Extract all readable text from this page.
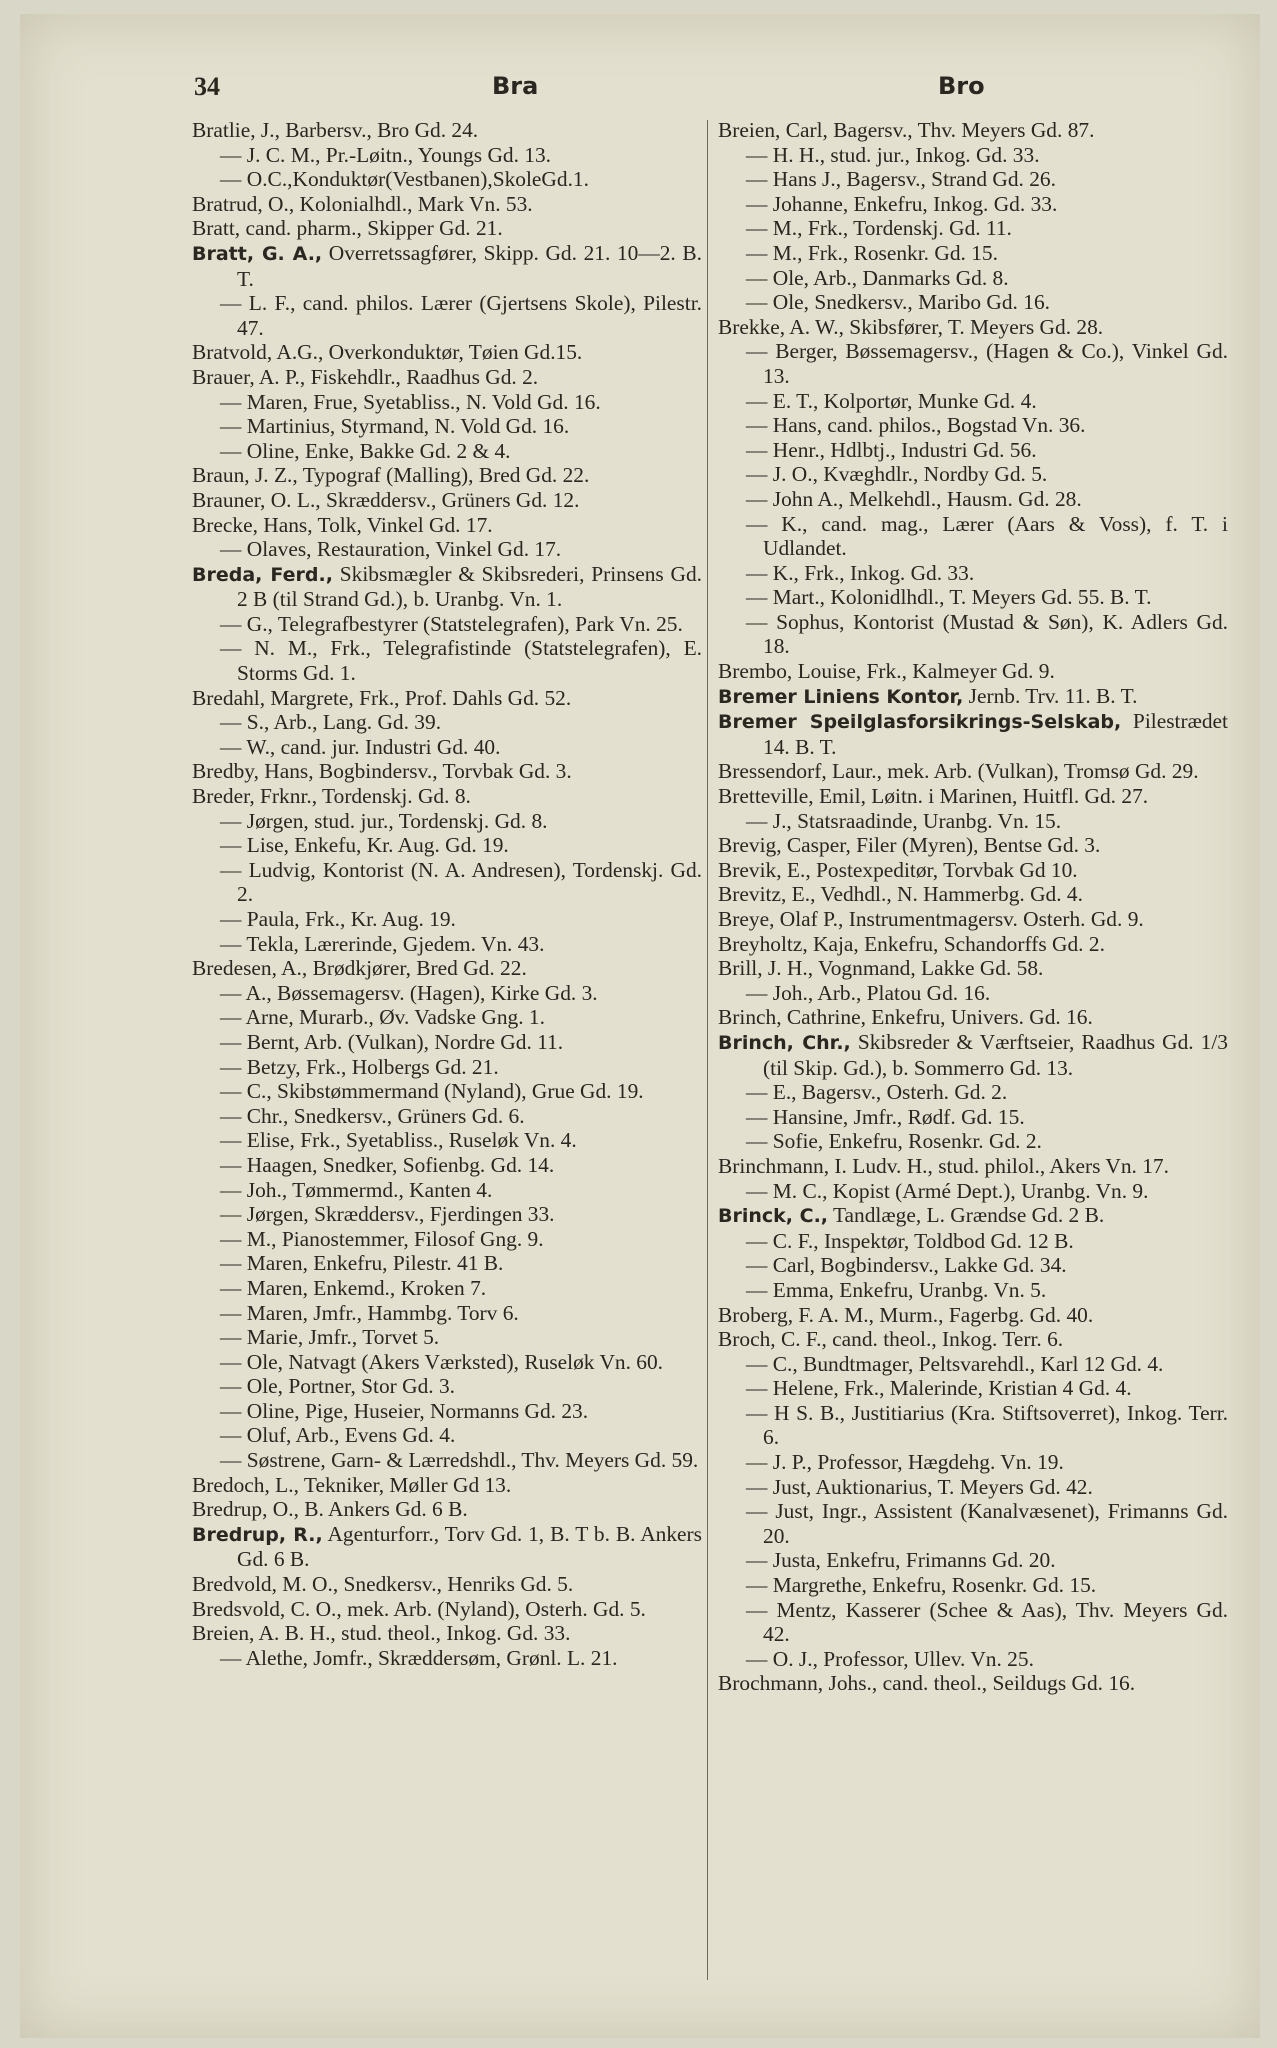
34	Bra	Bro
Bratlie, J., Barbersv., Bro Gd. 24.
— J. C. M., Pr.-Løitn., Youngs Gd. 13.
— O.C.,Konduktør(Vestbanen),SkoleGd.1.
Bratrud, O., Kolonialhdl., Mark Vn. 53.
Bratt, cand. pharm., Skipper Gd. 21.
Bratt, G. A., Overretssagfører, Skipp. Gd. 21. 10—2. B. T.
— L. F., cand. philos. Lærer (Gjertsens Skole), Pilestr. 47.
Bratvold, A.G., Overkonduktør, Tøien Gd.15.
Brauer, A. P., Fiskehdlr., Raadhus Gd. 2.
— Maren, Frue, Syetabliss., N. Vold Gd. 16.
— Martinius, Styrmand, N. Vold Gd. 16.
— Oline, Enke, Bakke Gd. 2 & 4.
Braun, J. Z., Typograf (Malling), Bred Gd. 22.
Brauner, O. L., Skræddersv., Grüners Gd. 12.
Brecke, Hans, Tolk, Vinkel Gd. 17.
— Olaves, Restauration, Vinkel Gd. 17.
Breda, Ferd., Skibsmægler & Skibsrederi, Prinsens Gd. 2 B (til Strand Gd.), b. Uranbg. Vn. 1.
— G., Telegrafbestyrer (Statstelegrafen), Park Vn. 25.
— N. M., Frk., Telegrafistinde (Statstelegrafen), E. Storms Gd. 1.
Bredahl, Margrete, Frk., Prof. Dahls Gd. 52.
— S., Arb., Lang. Gd. 39.
— W., cand. jur. Industri Gd. 40.
Bredby, Hans, Bogbindersv., Torvbak Gd. 3.
Breder, Frknr., Tordenskj. Gd. 8.
— Jørgen, stud. jur., Tordenskj. Gd. 8.
— Lise, Enkefu, Kr. Aug. Gd. 19.
— Ludvig, Kontorist (N. A. Andresen), Tordenskj. Gd. 2.
— Paula, Frk., Kr. Aug. 19.
— Tekla, Lærerinde, Gjedem. Vn. 43.
Bredesen, A., Brødkjører, Bred Gd. 22.
— A., Bøssemagersv. (Hagen), Kirke Gd. 3.
— Arne, Murarb., Øv. Vadske Gng. 1.
— Bernt, Arb. (Vulkan), Nordre Gd. 11.
— Betzy, Frk., Holbergs Gd. 21.
— C., Skibstømmermand (Nyland), Grue Gd. 19.
— Chr., Snedkersv., Grüners Gd. 6.
— Elise, Frk., Syetabliss., Ruseløk Vn. 4.
— Haagen, Snedker, Sofienbg. Gd. 14.
— Joh., Tømmermd., Kanten 4.
— Jørgen, Skræddersv., Fjerdingen 33.
— M., Pianostemmer, Filosof Gng. 9.
— Maren, Enkefru, Pilestr. 41 B.
— Maren, Enkemd., Kroken 7.
— Maren, Jmfr., Hammbg. Torv 6.
— Marie, Jmfr., Torvet 5.
— Ole, Natvagt (Akers Værksted), Ruseløk Vn. 60.
— Ole, Portner, Stor Gd. 3.
— Oline, Pige, Huseier, Normanns Gd. 23.
— Oluf, Arb., Evens Gd. 4.
— Søstrene, Garn- & Lærredshdl., Thv. Meyers Gd. 59.
Bredoch, L., Tekniker, Møller Gd 13.
Bredrup, O., B. Ankers Gd. 6 B.
Bredrup, R., Agenturforr., Torv Gd. 1, B. T b. B. Ankers Gd. 6 B.
Bredvold, M. O., Snedkersv., Henriks Gd. 5.
Bredsvold, C. O., mek. Arb. (Nyland), Osterh. Gd. 5.
Breien, A. B. H., stud. theol., Inkog. Gd. 33.
— Alethe, Jomfr., Skræddersøm, Grønl. L. 21.
Breien, Carl, Bagersv., Thv. Meyers Gd. 87.
— H. H., stud. jur., Inkog. Gd. 33.
— Hans J., Bagersv., Strand Gd. 26.
— Johanne, Enkefru, Inkog. Gd. 33.
— M., Frk., Tordenskj. Gd. 11.
— M., Frk., Rosenkr. Gd. 15.
— Ole, Arb., Danmarks Gd. 8.
— Ole, Snedkersv., Maribo Gd. 16.
Brekke, A. W., Skibsfører, T. Meyers Gd. 28.
— Berger, Bøssemagersv., (Hagen & Co.), Vinkel Gd. 13.
— E. T., Kolportør, Munke Gd. 4.
— Hans, cand. philos., Bogstad Vn. 36.
— Henr., Hdlbtj., Industri Gd. 56.
— J. O., Kvæghdlr., Nordby Gd. 5.
— John A., Melkehdl., Hausm. Gd. 28.
— K., cand. mag., Lærer (Aars & Voss), f. T. i Udlandet.
— K., Frk., Inkog. Gd. 33.
— Mart., Kolonidlhdl., T. Meyers Gd. 55. B. T.
— Sophus, Kontorist (Mustad & Søn), K. Adlers Gd. 18.
Brembo, Louise, Frk., Kalmeyer Gd. 9.
Bremer Liniens Kontor, Jernb. Trv. 11. B. T.
Bremer Speilglasforsikrings-Selskab, Pilestrædet 14. B. T.
Bressendorf, Laur., mek. Arb. (Vulkan), Tromsø Gd. 29.
Bretteville, Emil, Løitn. i Marinen, Huitfl. Gd. 27.
— J., Statsraadinde, Uranbg. Vn. 15.
Brevig, Casper, Filer (Myren), Bentse Gd. 3.
Brevik, E., Postexpeditør, Torvbak Gd 10.
Brevitz, E., Vedhdl., N. Hammerbg. Gd. 4.
Breye, Olaf P., Instrumentmagersv. Osterh. Gd. 9.
Breyholtz, Kaja, Enkefru, Schandorffs Gd. 2.
Brill, J. H., Vognmand, Lakke Gd. 58.
— Joh., Arb., Platou Gd. 16.
Brinch, Cathrine, Enkefru, Univers. Gd. 16.
Brinch, Chr., Skibsreder & Værftseier, Raadhus Gd. 1/3 (til Skip. Gd.), b. Sommerro Gd. 13.
— E., Bagersv., Osterh. Gd. 2.
— Hansine, Jmfr., Rødf. Gd. 15.
— Sofie, Enkefru, Rosenkr. Gd. 2.
Brinchmann, I. Ludv. H., stud. philol., Akers Vn. 17.
— M. C., Kopist (Armé Dept.), Uranbg. Vn. 9.
Brinck, C., Tandlæge, L. Grændse Gd. 2 B.
— C. F., Inspektør, Toldbod Gd. 12 B.
— Carl, Bogbindersv., Lakke Gd. 34.
— Emma, Enkefru, Uranbg. Vn. 5.
Broberg, F. A. M., Murm., Fagerbg. Gd. 40.
Broch, C. F., cand. theol., Inkog. Terr. 6.
— C., Bundtmager, Peltsvarehdl., Karl 12 Gd. 4.
— Helene, Frk., Malerinde, Kristian 4 Gd. 4.
— H S. B., Justitiarius (Kra. Stiftsoverret), Inkog. Terr. 6.
— J. P., Professor, Hægdehg. Vn. 19.
— Just, Auktionarius, T. Meyers Gd. 42.
— Just, Ingr., Assistent (Kanalvæsenet), Frimanns Gd. 20.
— Justa, Enkefru, Frimanns Gd. 20.
— Margrethe, Enkefru, Rosenkr. Gd. 15.
— Mentz, Kasserer (Schee & Aas), Thv. Meyers Gd. 42.
— O. J., Professor, Ullev. Vn. 25.
Brochmann, Johs., cand. theol., Seildugs Gd. 16.
